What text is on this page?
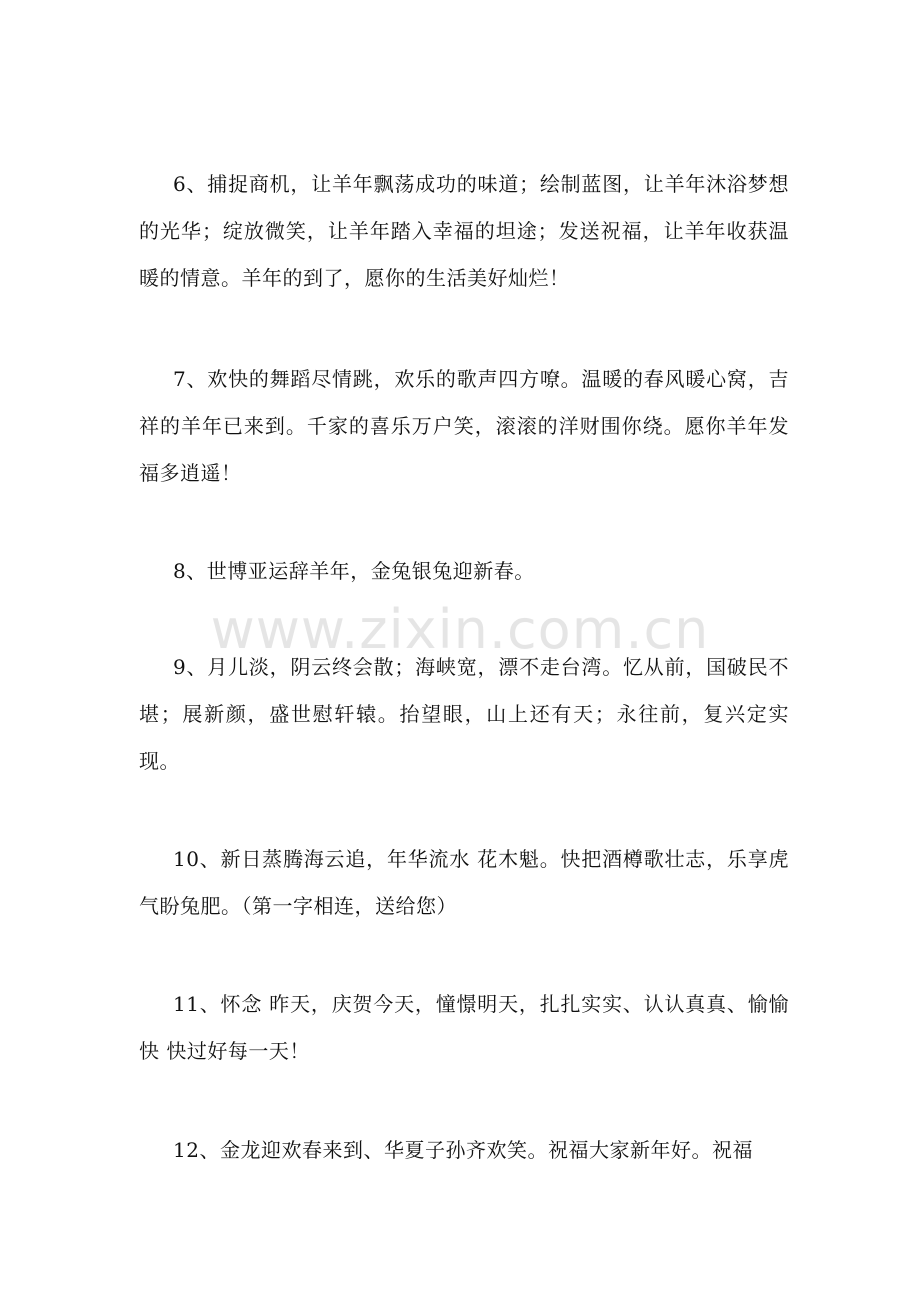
6、捕捉商机，让羊年飘荡成功的味道；绘制蓝图，让羊年沐浴梦想的光华；绽放微笑，让羊年踏入幸福的坦途；发送祝福，让羊年收获温暖的情意。羊年的到了，愿你的生活美好灿烂！

7、欢快的舞蹈尽情跳，欢乐的歌声四方嘹。温暖的春风暖心窝，吉祥的羊年已来到。千家的喜乐万户笑，滚滚的洋财围你绕。愿你羊年发福多逍遥！

8、世博亚运辞羊年，金兔银兔迎新春。

9、月儿淡，阴云终会散；海峡宽，漂不走台湾。忆从前，国破民不堪；展新颜，盛世慰轩辕。抬望眼，山上还有天；永往前，复兴定实现。

10、新日蒸腾海云追，年华流水 花木魁。快把酒樽歌壮志，乐享虎气盼兔肥。（第一字相连，送给您）

11、怀念 昨天，庆贺今天，憧憬明天，扎扎实实、认认真真、愉愉快 快过好每一天！

12、金龙迎欢春来到、华夏子孙齐欢笑。祝福大家新年好。祝福

www.zixin.com.cn
